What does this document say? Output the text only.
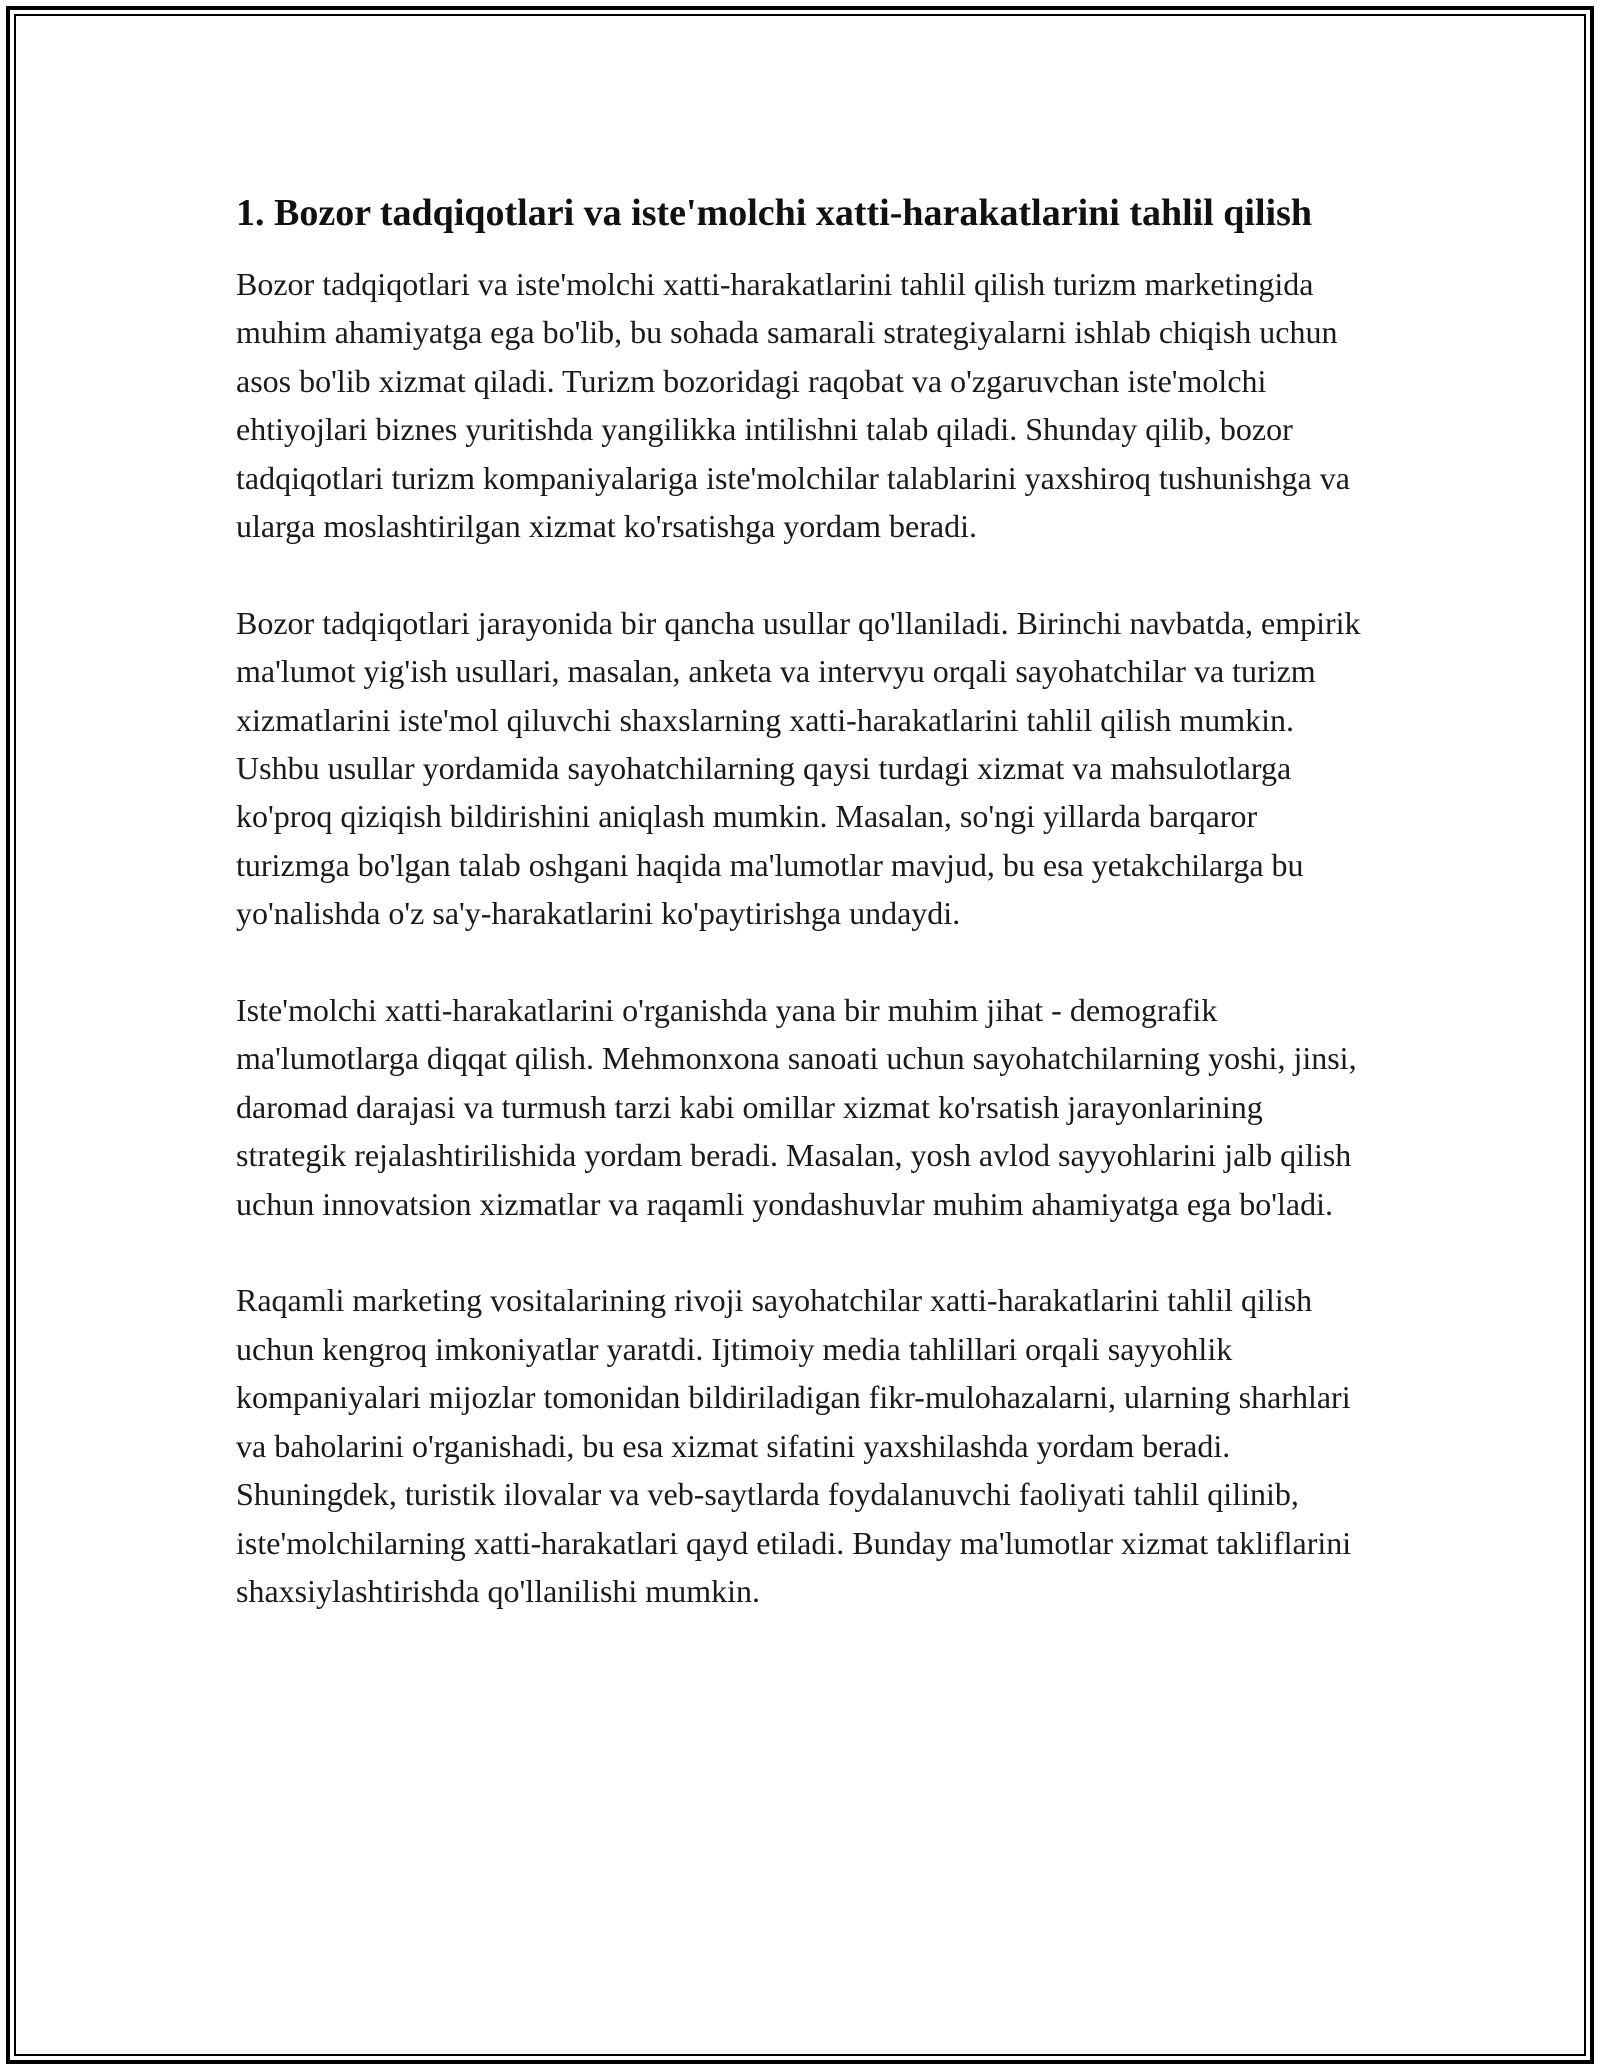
1. Bozor tadqiqotlari va iste'molchi xatti-harakatlarini tahlil qilish

Bozor tadqiqotlari va iste'molchi xatti-harakatlarini tahlil qilish turizm marketingida muhim ahamiyatga ega bo'lib, bu sohada samarali strategiyalarni ishlab chiqish uchun asos bo'lib xizmat qiladi. Turizm bozoridagi raqobat va o'zgaruvchan iste'molchi ehtiyojlari biznes yuritishda yangilikka intilishni talab qiladi. Shunday qilib, bozor tadqiqotlari turizm kompaniyalariga iste'molchilar talablarini yaxshiroq tushunishga va ularga moslashtirilgan xizmat ko'rsatishga yordam beradi.

Bozor tadqiqotlari jarayonida bir qancha usullar qo'llaniladi. Birinchi navbatda, empirik ma'lumot yig'ish usullari, masalan, anketa va intervyu orqali sayohatchilar va turizm xizmatlarini iste'mol qiluvchi shaxslarning xatti-harakatlarini tahlil qilish mumkin. Ushbu usullar yordamida sayohatchilarning qaysi turdagi xizmat va mahsulotlarga ko'proq qiziqish bildirishini aniqlash mumkin. Masalan, so'ngi yillarda barqaror turizmga bo'lgan talab oshgani haqida ma'lumotlar mavjud, bu esa yetakchilarga bu yo'nalishda o'z sa'y-harakatlarini ko'paytirishga undaydi.

Iste'molchi xatti-harakatlarini o'rganishda yana bir muhim jihat - demografik ma'lumotlarga diqqat qilish. Mehmonxona sanoati uchun sayohatchilarning yoshi, jinsi, daromad darajasi va turmush tarzi kabi omillar xizmat ko'rsatish jarayonlarining strategik rejalashtirilishida yordam beradi. Masalan, yosh avlod sayyohlarini jalb qilish uchun innovatsion xizmatlar va raqamli yondashuvlar muhim ahamiyatga ega bo'ladi.

Raqamli marketing vositalarining rivoji sayohatchilar xatti-harakatlarini tahlil qilish uchun kengroq imkoniyatlar yaratdi. Ijtimoiy media tahlillari orqali sayyohlik kompaniyalari mijozlar tomonidan bildiriladigan fikr-mulohazalarni, ularning sharhlari va baholarini o'rganishadi, bu esa xizmat sifatini yaxshilashda yordam beradi. Shuningdek, turistik ilovalar va veb-saytlarda foydalanuvchi faoliyati tahlil qilinib, iste'molchilarning xatti-harakatlari qayd etiladi. Bunday ma'lumotlar xizmat takliflarini shaxsiylashtirishda qo'llanilishi mumkin.
